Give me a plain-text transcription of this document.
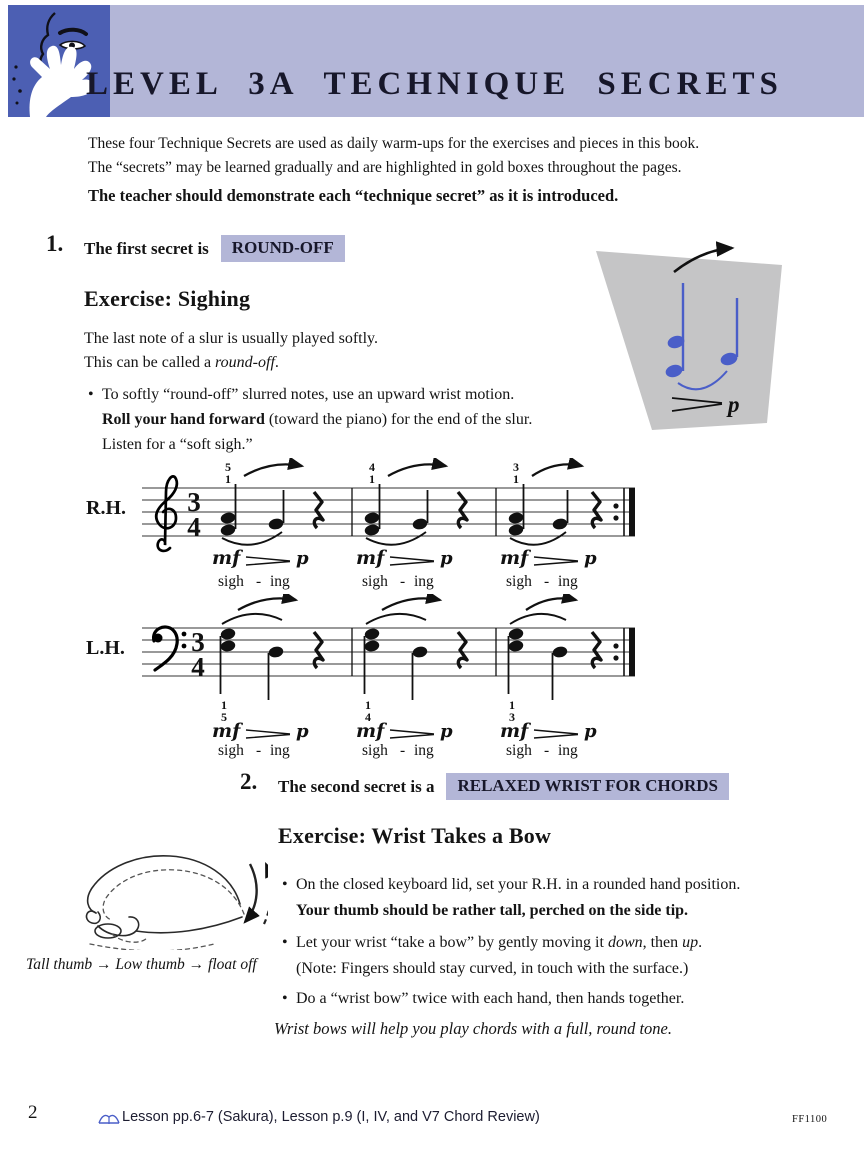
LEVEL 3A TECHNIQUE SECRETS
These four Technique Secrets are used as daily warm-ups for the exercises and pieces in this book.
The “secrets” may be learned gradually and are highlighted in gold boxes throughout the pages.
The teacher should demonstrate each “technique secret” as it is introduced.
1. The first secret is	ROUND-OFF
Exercise: Sighing
The last note of a slur is usually played softly.
This can be called a round-off.
• To softly “round-off” slurred notes, use an upward wrist motion.
Roll your hand forward (toward the piano) for the end of the slur.
Listen for a “soft sigh.”
p
R.H. 3
4
5
1
mf	p
sigh - ing
4
1
mf	p
sigh - ing
3
1
mf	p
sigh - ing
L.H. 3
4
1
5
mf	p
sigh - ing
1
4
mf	p
sigh - ing
1
3
mf	p
sigh - ing
2. The second secret is a	RELAXED WRIST FOR CHORDS
Exercise: Wrist Takes a Bow
• On the closed keyboard lid, set your R.H. in a rounded hand position.
Your thumb should be rather tall, perched on the side tip.
• Let your wrist “take a bow” by gently moving it down, then up.
(Note: Fingers should stay curved, in touch with the surface.)
• Do a “wrist bow” twice with each hand, then hands together.
Wrist bows will help you play chords with a full, round tone.
Tall thumb → Low thumb → float off
2	Lesson pp.6-7 (Sakura), Lesson p.9 (I, IV, and V7 Chord Review)	FF1100
